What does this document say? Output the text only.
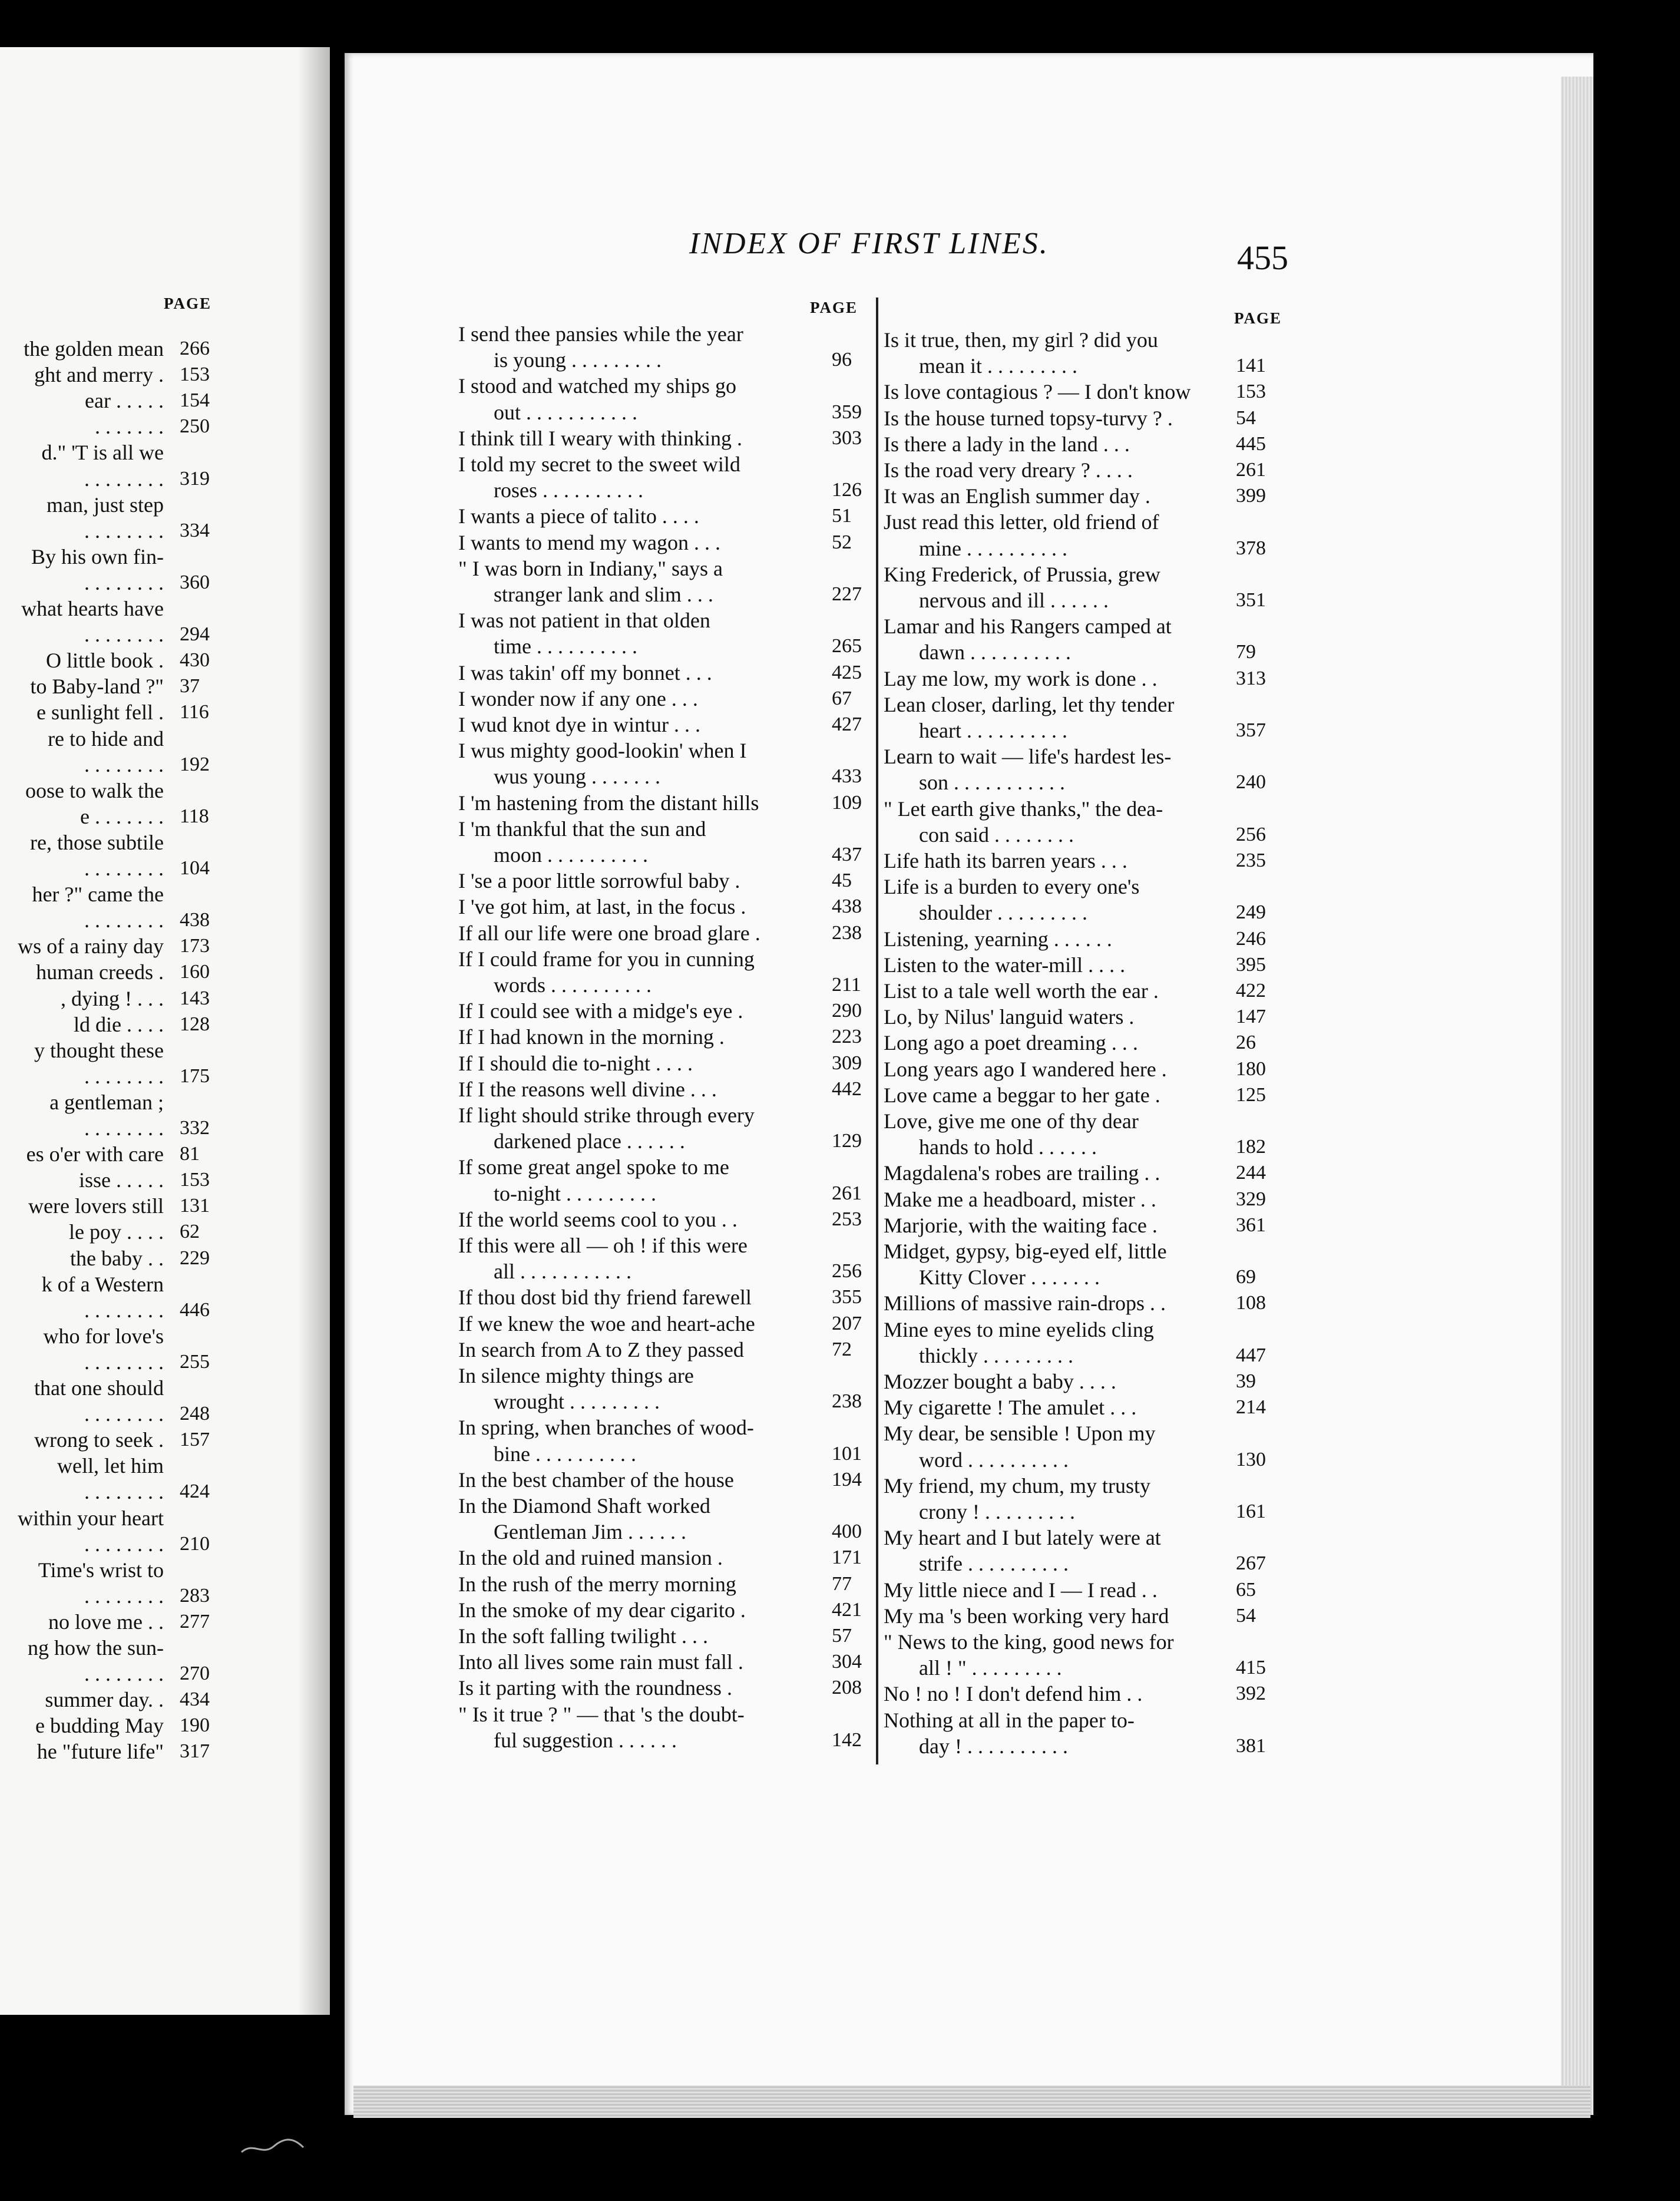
PAGE
the golden mean 266
ght and merry . 153
ear . . . . . 154
. . . . . . . 250
d." 'T is all we
. . . . . . . . 319
man, just step
. . . . . . . . 334
By his own fin-
. . . . . . . . 360
what hearts have
. . . . . . . . 294
O little book . 430
to Baby-land ?" 37
e sunlight fell . 116
re to hide and
. . . . . . . . 192
oose to walk the
e . . . . . . . 118
re, those subtile
. . . . . . . . 104
her ?" came the
. . . . . . . . 438
ws of a rainy day 173
human creeds . 160
, dying ! . . . 143
ld die . . . . 128
y thought these
. . . . . . . . 175
a gentleman ;
. . . . . . . . 332
es o'er with care 81
isse . . . . . 153
were lovers still 131
le poy . . . . 62
the baby . . 229
k of a Western
. . . . . . . . 446
who for love's
. . . . . . . . 255
that one should
. . . . . . . . 248
wrong to seek . 157
well, let him
. . . . . . . . 424
within your heart
. . . . . . . . 210
Time's wrist to
. . . . . . . . 283
no love me . . 277
ng how the sun-
. . . . . . . . 270
summer day. . 434
e budding May 190
he "future life" 317
INDEX OF FIRST LINES.	455
PAGE
PAGE
I send thee pansies while the year
is young . . . . . . . . .	96
I stood and watched my ships go
out . . . . . . . . . . .	359
I think till I weary with thinking .	303
I told my secret to the sweet wild
roses . . . . . . . . . .	126
I wants a piece of talito . . . .	51
I wants to mend my wagon . . .	52
" I was born in Indiany," says a
stranger lank and slim . . .	227
I was not patient in that olden
time . . . . . . . . . .	265
I was takin' off my bonnet . . .	425
I wonder now if any one . . .	67
I wud knot dye in wintur . . .	427
I wus mighty good-lookin' when I
wus young . . . . . . .	433
I 'm hastening from the distant hills	109
I 'm thankful that the sun and
moon . . . . . . . . . .	437
I 'se a poor little sorrowful baby .	45
I 've got him, at last, in the focus .	438
If all our life were one broad glare .	238
If I could frame for you in cunning
words . . . . . . . . . .	211
If I could see with a midge's eye .	290
If I had known in the morning .	223
If I should die to-night . . . .	309
If I the reasons well divine . . .	442
If light should strike through every
darkened place . . . . . .	129
If some great angel spoke to me
to-night . . . . . . . . .	261
If the world seems cool to you . .	253
If this were all — oh ! if this were
all . . . . . . . . . . .	256
If thou dost bid thy friend farewell	355
If we knew the woe and heart-ache	207
In search from A to Z they passed	72
In silence mighty things are
wrought . . . . . . . . .	238
In spring, when branches of wood-
bine . . . . . . . . . .	101
In the best chamber of the house	194
In the Diamond Shaft worked
Gentleman Jim . . . . . .	400
In the old and ruined mansion .	171
In the rush of the merry morning	77
In the smoke of my dear cigarito .	421
In the soft falling twilight . . .	57
Into all lives some rain must fall .	304
Is it parting with the roundness .	208
" Is it true ? " — that 's the doubt-
ful suggestion . . . . . .	142
Is it true, then, my girl ? did you
mean it . . . . . . . . .	141
Is love contagious ? — I don't know	153
Is the house turned topsy-turvy ? .	54
Is there a lady in the land . . .	445
Is the road very dreary ? . . . .	261
It was an English summer day .	399
Just read this letter, old friend of
mine . . . . . . . . . .	378
King Frederick, of Prussia, grew
nervous and ill . . . . . .	351
Lamar and his Rangers camped at
dawn . . . . . . . . . .	79
Lay me low, my work is done . .	313
Lean closer, darling, let thy tender
heart . . . . . . . . . .	357
Learn to wait — life's hardest les-
son . . . . . . . . . . .	240
" Let earth give thanks," the dea-
con said . . . . . . . .	256
Life hath its barren years . . .	235
Life is a burden to every one's
shoulder . . . . . . . . .	249
Listening, yearning . . . . . .	246
Listen to the water-mill . . . .	395
List to a tale well worth the ear .	422
Lo, by Nilus' languid waters .	147
Long ago a poet dreaming . . .	26
Long years ago I wandered here .	180
Love came a beggar to her gate .	125
Love, give me one of thy dear
hands to hold . . . . . .	182
Magdalena's robes are trailing . .	244
Make me a headboard, mister . .	329
Marjorie, with the waiting face .	361
Midget, gypsy, big-eyed elf, little
Kitty Clover . . . . . . .	69
Millions of massive rain-drops . .	108
Mine eyes to mine eyelids cling
thickly . . . . . . . . .	447
Mozzer bought a baby . . . .	39
My cigarette ! The amulet . . .	214
My dear, be sensible ! Upon my
word . . . . . . . . . .	130
My friend, my chum, my trusty
crony ! . . . . . . . . .	161
My heart and I but lately were at
strife . . . . . . . . . .	267
My little niece and I — I read . .	65
My ma 's been working very hard	54
" News to the king, good news for
all ! " . . . . . . . . .	415
No ! no ! I don't defend him . .	392
Nothing at all in the paper to-
day ! . . . . . . . . . .	381
